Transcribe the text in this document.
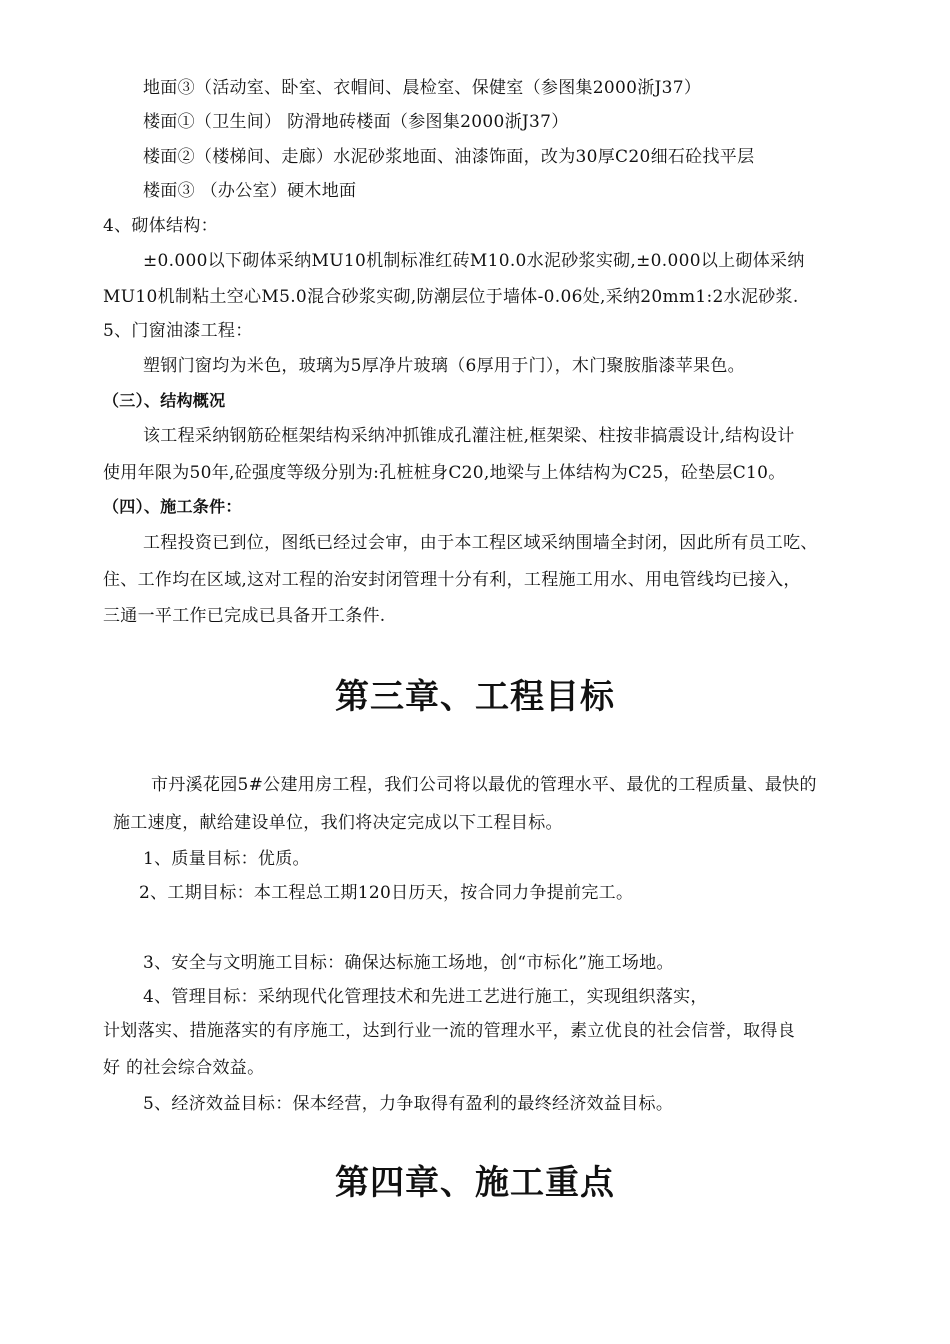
地面③（活动室、卧室、衣帽间、晨检室、保健室（参图集2000浙J37）
楼面①（卫生间） 防滑地砖楼面（参图集2000浙J37）
楼面②（楼梯间、走廊）水泥砂浆地面、油漆饰面，改为30厚C20细石砼找平层
楼面③ （办公室）硬木地面
4、砌体结构：
±0.000以下砌体采纳MU10机制标准红砖M10.0水泥砂浆实砌,±0.000以上砌体采纳
MU10机制粘土空心M5.0混合砂浆实砌,防潮层位于墙体-0.06处,采纳20mm1:2水泥砂浆.
5、门窗油漆工程：
塑钢门窗均为米色，玻璃为5厚净片玻璃（6厚用于门），木门聚胺脂漆苹果色。
（三）、结构概况
该工程采纳钢筋砼框架结构采纳冲抓锥成孔灌注桩,框架梁、柱按非搞震设计,结构设计
使用年限为50年,砼强度等级分别为:孔桩桩身C20,地梁与上体结构为C25，砼垫层C10。
（四）、施工条件：
工程投资已到位，图纸已经过会审，由于本工程区域采纳围墙全封闭，因此所有员工吃、
住、工作均在区域,这对工程的治安封闭管理十分有利，工程施工用水、用电管线均已接入，
三通一平工作已完成已具备开工条件.
第三章、工程目标
市丹溪花园5#公建用房工程，我们公司将以最优的管理水平、最优的工程质量、最快的
施工速度，献给建设单位，我们将决定完成以下工程目标。
1、质量目标：优质。
2、工期目标：本工程总工期120日历天，按合同力争提前完工。
3、安全与文明施工目标：确保达标施工场地，创“市标化”施工场地。
4、管理目标：采纳现代化管理技术和先进工艺进行施工，实现组织落实，
计划落实、措施落实的有序施工，达到行业一流的管理水平，素立优良的社会信誉，取得良
好 的社会综合效益。
5、经济效益目标：保本经营，力争取得有盈利的最终经济效益目标。
第四章、施工重点
